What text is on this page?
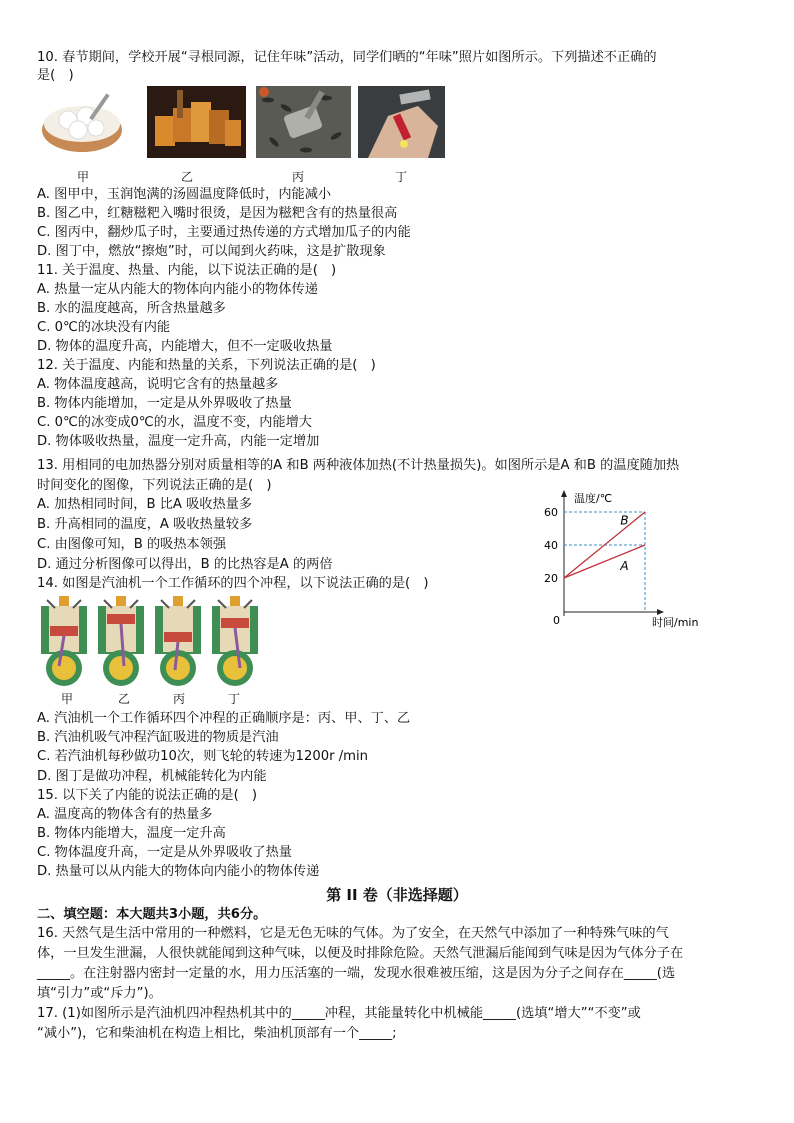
10. 春节期间，学校开展“寻根同源，记住年味”活动，同学们晒的“年味”照片如图所示。下列描述不正确的
是(　)
甲	乙	丙	丁
A. 图甲中，玉润饱满的汤圆温度降低时，内能减小
B. 图乙中，红糖糍粑入嘴时很烫，是因为糍粑含有的热量很高
C. 图丙中，翻炒瓜子时，主要通过热传递的方式增加瓜子的内能
D. 图丁中，燃放“擦炮”时，可以闻到火药味，这是扩散现象
11. 关于温度、热量、内能，以下说法正确的是(　)
A. 热量一定从内能大的物体向内能小的物体传递
B. 水的温度越高，所含热量越多
C. 0℃的冰块没有内能
D. 物体的温度升高，内能增大，但不一定吸收热量
12. 关于温度、内能和热量的关系，下列说法正确的是(　)
A. 物体温度越高，说明它含有的热量越多
B. 物体内能增加，一定是从外界吸收了热量
C. 0℃的冰变成0℃的水，温度不变，内能增大
D. 物体吸收热量，温度一定升高，内能一定增加
13. 用相同的电加热器分别对质量相等的A 和B 两种液体加热(不计热量损失)。如图所示是A 和B 的温度随加热
时间变化的图像，下列说法正确的是(　)
A. 加热相同时间，B 比A 吸收热量多
B. 升高相同的温度，A 吸收热量较多
C. 由图像可知，B 的吸热本领强
D. 通过分析图像可以得出，B 的比热容是A 的两倍
B
A
20
40
60
温度/℃
时间/min
0
14. 如图是汽油机一个工作循环的四个冲程，以下说法正确的是(　)
甲	乙	丙	丁
A. 汽油机一个工作循环四个冲程的正确顺序是：丙、甲、丁、乙
B. 汽油机吸气冲程汽缸吸进的物质是汽油
C. 若汽油机每秒做功10次，则飞轮的转速为1200r /min
D. 图丁是做功冲程，机械能转化为内能
15. 以下关了内能的说法正确的是(　)
A. 温度高的物体含有的热量多
B. 物体内能增大，温度一定升高
C. 物体温度升高，一定是从外界吸收了热量
D. 热量可以从内能大的物体向内能小的物体传递
第 II 卷（非选择题）
二、填空题：本大题共3小题，共6分。
16. 天然气是生活中常用的一种燃料，它是无色无味的气体。为了安全，在天然气中添加了一种特殊气味的气
体，一旦发生泄漏，人很快就能闻到这种气味，以便及时排除危险。天然气泄漏后能闻到气味是因为气体分子在
_____。在注射器内密封一定量的水，用力压活塞的一端，发现水很难被压缩，这是因为分子之间存在_____(选
填“引力”或“斥力”)。
17. (1)如图所示是汽油机四冲程热机其中的_____冲程，其能量转化中机械能_____(选填“增大”“不变”或
“减小”)，它和柴油机在构造上相比，柴油机顶部有一个_____;
